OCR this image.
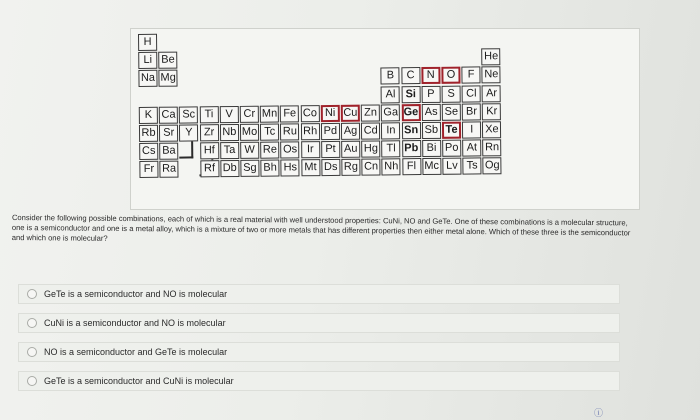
H
Li Be	He
Na Mg	B	C	N	O	F Ne
Al Si	P	S	Cl Ar
K Ca Sc Ti	V Cr Mn Fe Co Ni Cu Zn Ga Ge As Se Br Kr
Rb Sr Y	Zr Nb Mo Tc Ru Rh Pd Ag Cd In Sn Sb Te	I	Xe
Cs Ba	Hf Ta W Re Os Ir	Pt Au Hg Tl Pb Bi Po At Rn
Fr Ra	Rf Db Sg Bh Hs Mt Ds Rg Cn Nh Fl Mc Lv Ts Og
Consider the following possible combinations, each of which is a real material with well understood properties: CuNi, NO and GeTe. One of these combinations is a molecular structure, one is a semiconductor and one is a metal alloy, which is a mixture of two or more metals that has different properties then either metal alone. Which of these three is the semiconductor and which one is molecular?
GeTe is a semiconductor and NO is molecular
CuNi is a semiconductor and NO is molecular
NO is a semiconductor and GeTe is molecular
GeTe is a semiconductor and CuNi is molecular
ⓘ
